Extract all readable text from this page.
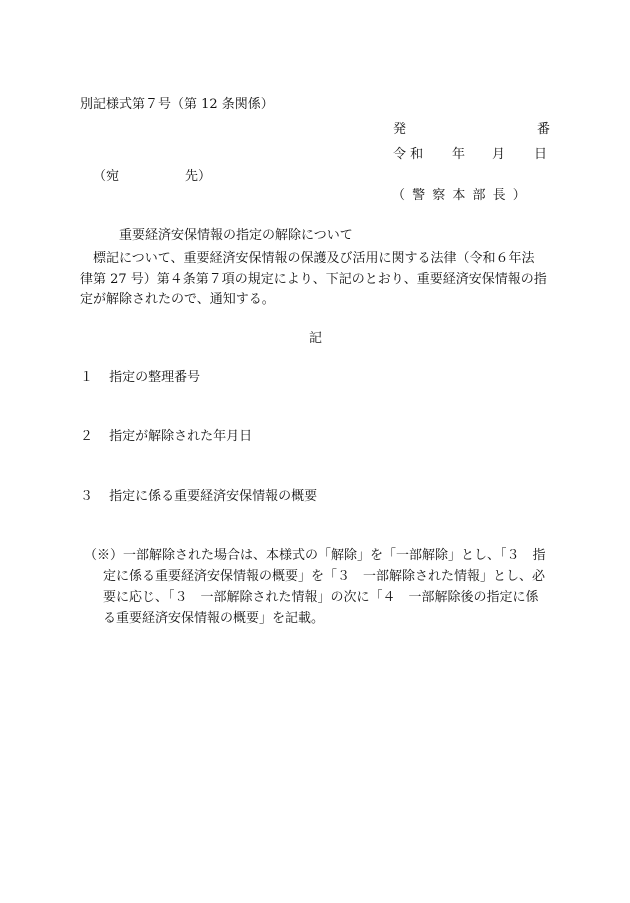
別記様式第７号（第 12 条関係）
発	番
令 和 年 月 日
（宛	先）
（ 警 察 本 部 長 ）
重要経済安保情報の指定の解除について
標記について、重要経済安保情報の保護及び活用に関する法律（令和６年法
律第 27 号）第４条第７項の規定により、下記のとおり、重要経済安保情報の指
定が解除されたので、通知する。
記
１ 指定の整理番号
２ 指定が解除された年月日
３ 指定に係る重要経済安保情報の概要
（※）一部解除された場合は、本様式の「解除」を「一部解除」とし、「３　指
定に係る重要経済安保情報の概要」を「３　一部解除された情報」とし、必
要に応じ、「３　一部解除された情報」の次に「４　一部解除後の指定に係
る重要経済安保情報の概要」を記載。
